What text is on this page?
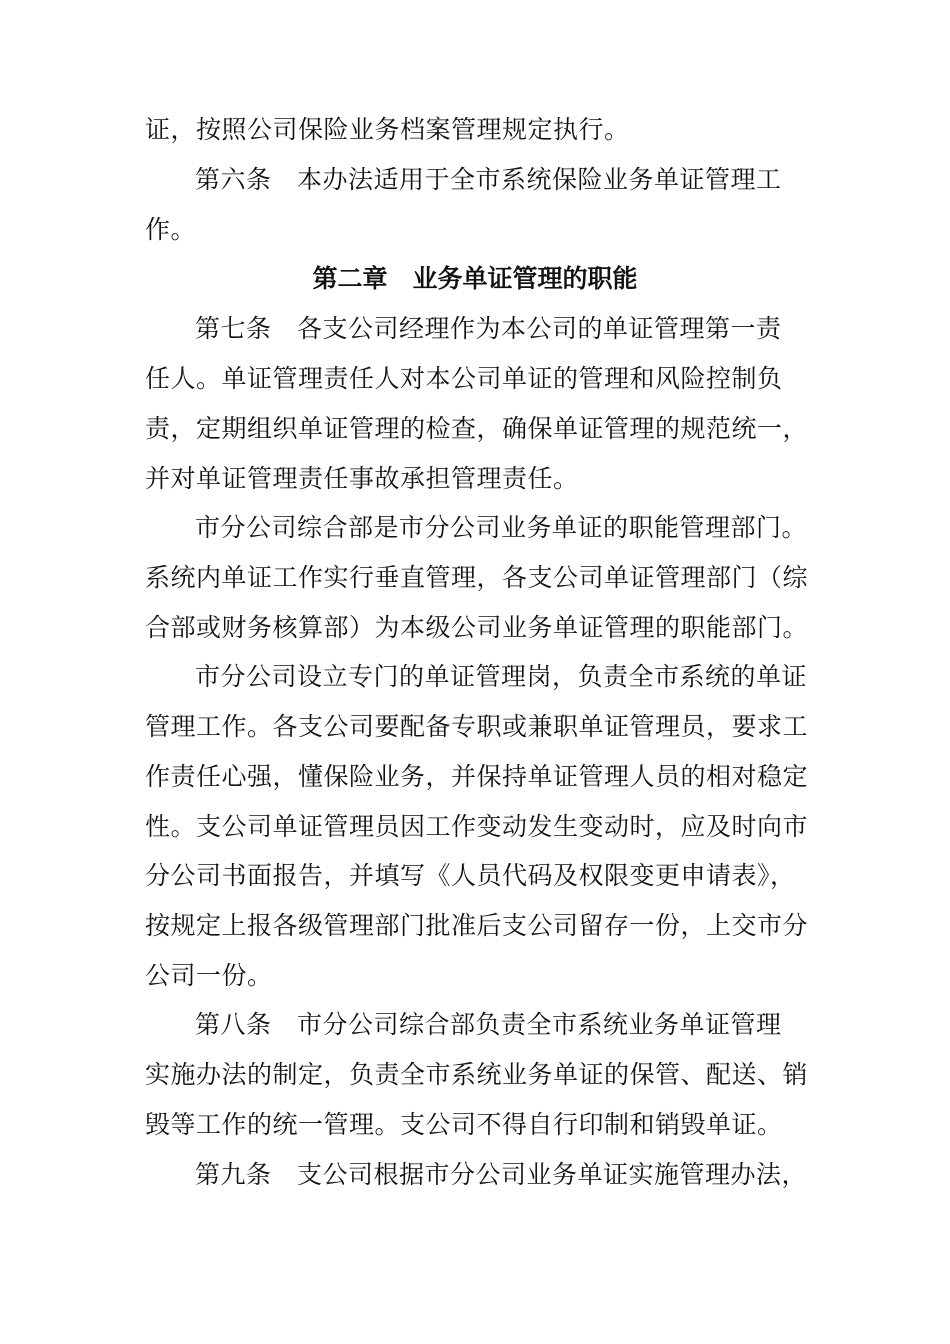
证，按照公司保险业务档案管理规定执行。
第六条　本办法适用于全市系统保险业务单证管理工
作。
第二章　业务单证管理的职能
第七条　各支公司经理作为本公司的单证管理第一责
任人。单证管理责任人对本公司单证的管理和风险控制负
责，定期组织单证管理的检查，确保单证管理的规范统一，
并对单证管理责任事故承担管理责任。
市分公司综合部是市分公司业务单证的职能管理部门。
系统内单证工作实行垂直管理，各支公司单证管理部门（综
合部或财务核算部）为本级公司业务单证管理的职能部门。
市分公司设立专门的单证管理岗，负责全市系统的单证
管理工作。各支公司要配备专职或兼职单证管理员，要求工
作责任心强，懂保险业务，并保持单证管理人员的相对稳定
性。支公司单证管理员因工作变动发生变动时，应及时向市
分公司书面报告，并填写《人员代码及权限变更申请表》，
按规定上报各级管理部门批准后支公司留存一份，上交市分
公司一份。
第八条　市分公司综合部负责全市系统业务单证管理
实施办法的制定，负责全市系统业务单证的保管、配送、销
毁等工作的统一管理。支公司不得自行印制和销毁单证。
第九条　支公司根据市分公司业务单证实施管理办法，
